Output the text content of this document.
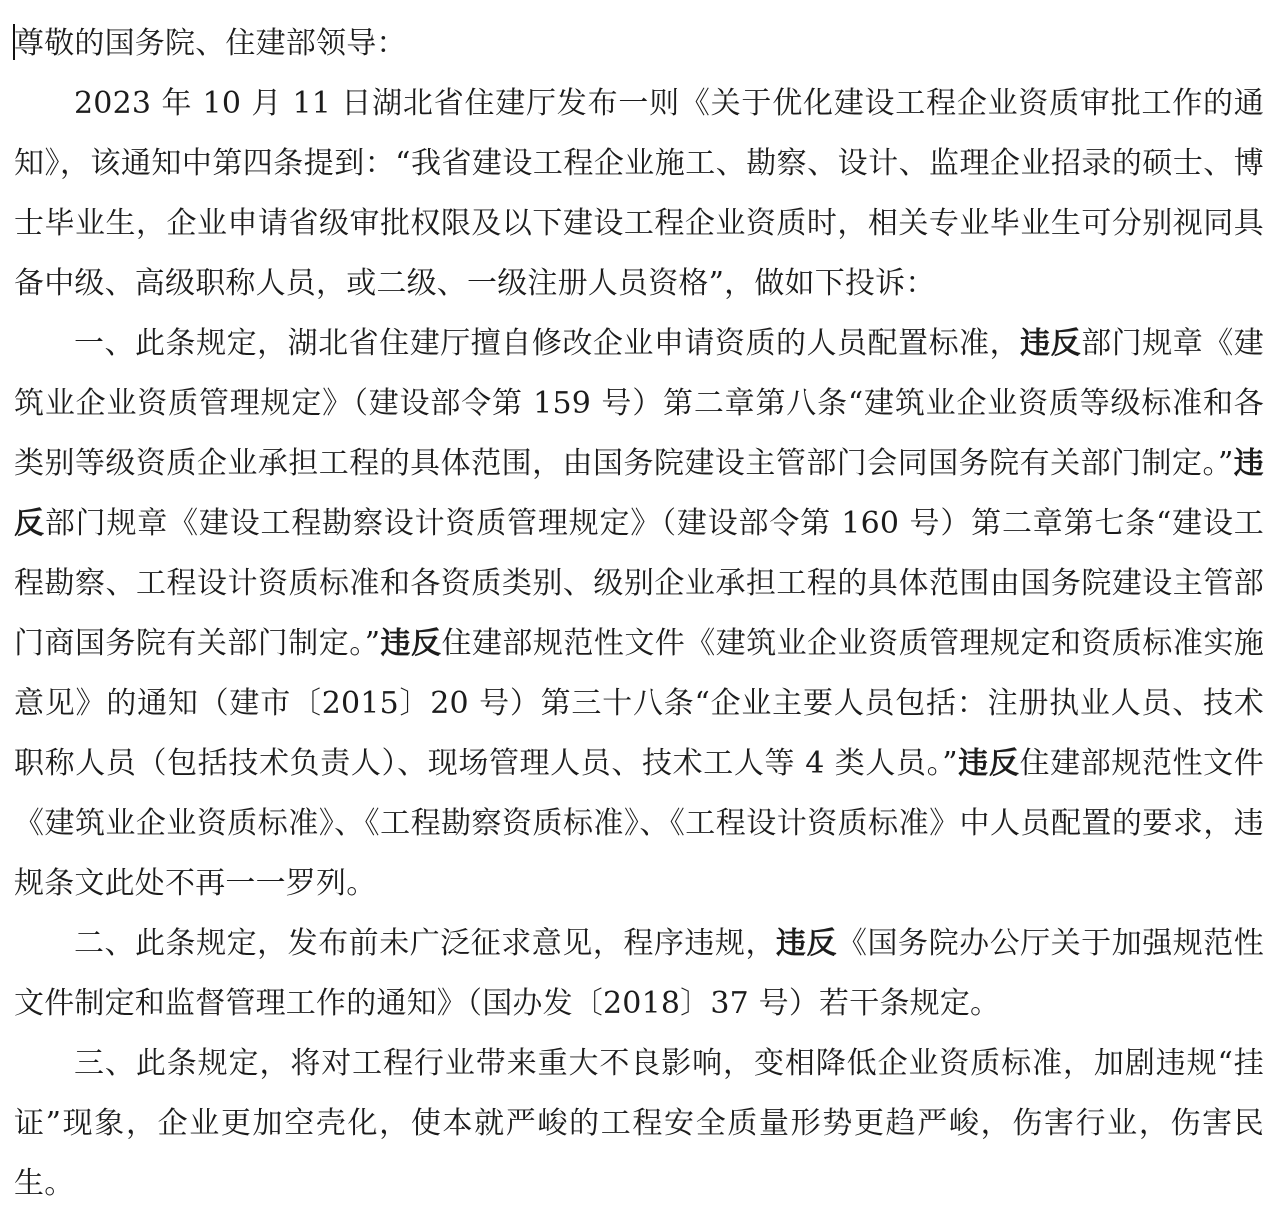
尊敬的国务院、住建部领导：

2023 年 10 月 11 日湖北省住建厅发布一则《关于优化建设工程企业资质审批工作的通知》，该通知中第四条提到：“我省建设工程企业施工、勘察、设计、监理企业招录的硕士、博士毕业生，企业申请省级审批权限及以下建设工程企业资质时，相关专业毕业生可分别视同具备中级、高级职称人员，或二级、一级注册人员资格”，做如下投诉：

一、此条规定，湖北省住建厅擅自修改企业申请资质的人员配置标准，违反部门规章《建筑业企业资质管理规定》（建设部令第 159 号）第二章第八条“建筑业企业资质等级标准和各类别等级资质企业承担工程的具体范围，由国务院建设主管部门会同国务院有关部门制定。”违反部门规章《建设工程勘察设计资质管理规定》（建设部令第 160 号）第二章第七条“建设工程勘察、工程设计资质标准和各资质类别、级别企业承担工程的具体范围由国务院建设主管部门商国务院有关部门制定。”违反住建部规范性文件《建筑业企业资质管理规定和资质标准实施意见》的通知（建市〔2015〕20 号）第三十八条“企业主要人员包括：注册执业人员、技术职称人员（包括技术负责人）、现场管理人员、技术工人等 4 类人员。”违反住建部规范性文件《建筑业企业资质标准》、《工程勘察资质标准》、《工程设计资质标准》中人员配置的要求，违规条文此处不再一一罗列。

二、此条规定，发布前未广泛征求意见，程序违规，违反《国务院办公厅关于加强规范性文件制定和监督管理工作的通知》（国办发〔2018〕37 号）若干条规定。

三、此条规定，将对工程行业带来重大不良影响，变相降低企业资质标准，加剧违规“挂证”现象，企业更加空壳化，使本就严峻的工程安全质量形势更趋严峻，伤害行业，伤害民生。
